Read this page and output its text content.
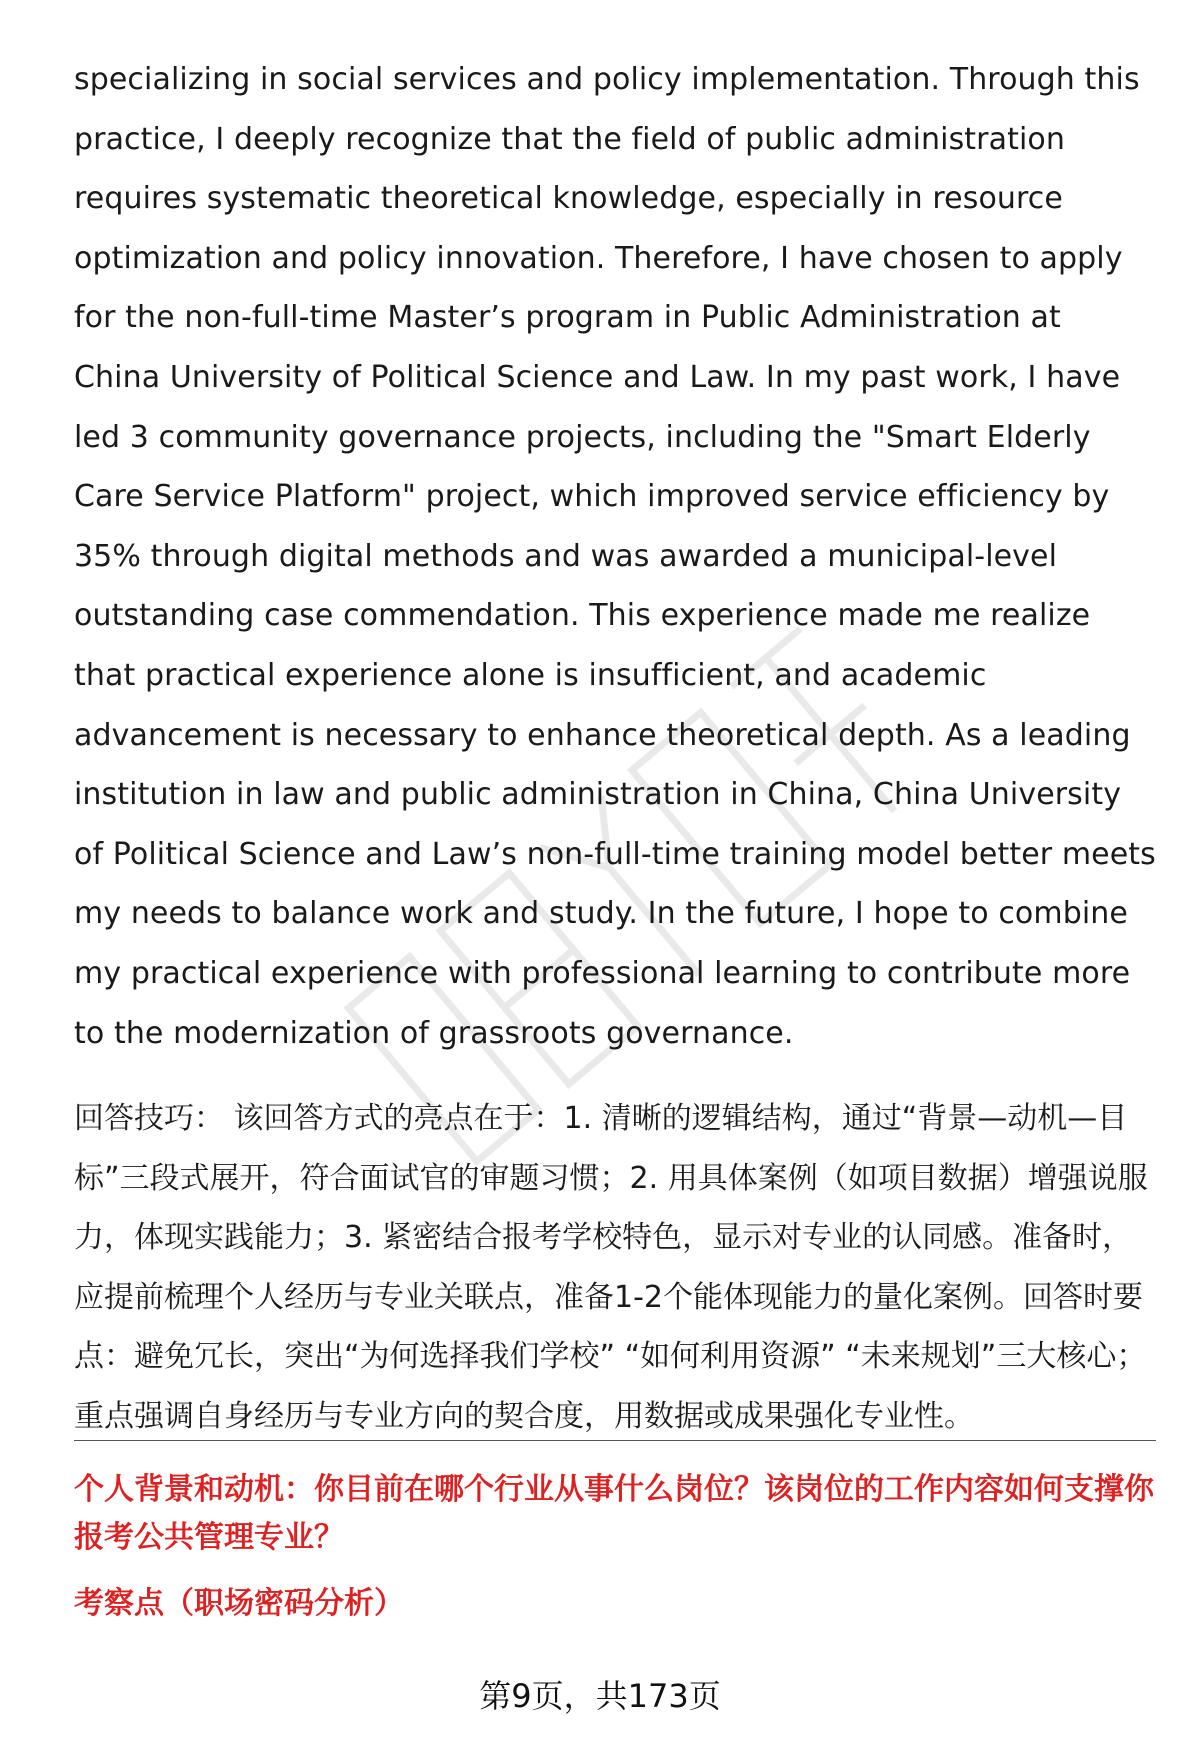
specializing in social services and policy implementation. Through this practice, I deeply recognize that the field of public administration requires systematic theoretical knowledge, especially in resource optimization and policy innovation. Therefore, I have chosen to apply for the non-full-time Master’s program in Public Administration at China University of Political Science and Law. In my past work, I have led 3 community governance projects, including the "Smart Elderly Care Service Platform" project, which improved service efficiency by 35% through digital methods and was awarded a municipal-level outstanding case commendation. This experience made me realize that practical experience alone is insufficient, and academic advancement is necessary to enhance theoretical depth. As a leading institution in law and public administration in China, China University of Political Science and Law’s non-full-time training model better meets my needs to balance work and study. In the future, I hope to combine my practical experience with professional learning to contribute more to the modernization of grassroots governance.

回答技巧： 该回答方式的亮点在于：1. 清晰的逻辑结构，通过“背景—动机—目标”三段式展开，符合面试官的审题习惯；2. 用具体案例（如项目数据）增强说服力，体现实践能力；3. 紧密结合报考学校特色，显示对专业的认同感。准备时，应提前梳理个人经历与专业关联点，准备1-2个能体现能力的量化案例。回答时要点：避免冗长，突出“为何选择我们学校” “如何利用资源” “未来规划”三大核心；重点强调自身经历与专业方向的契合度，用数据或成果强化专业性。

个人背景和动机：你目前在哪个行业从事什么岗位？该岗位的工作内容如何支撑你报考公共管理专业？

考察点（职场密码分析）

第9页，共173页
